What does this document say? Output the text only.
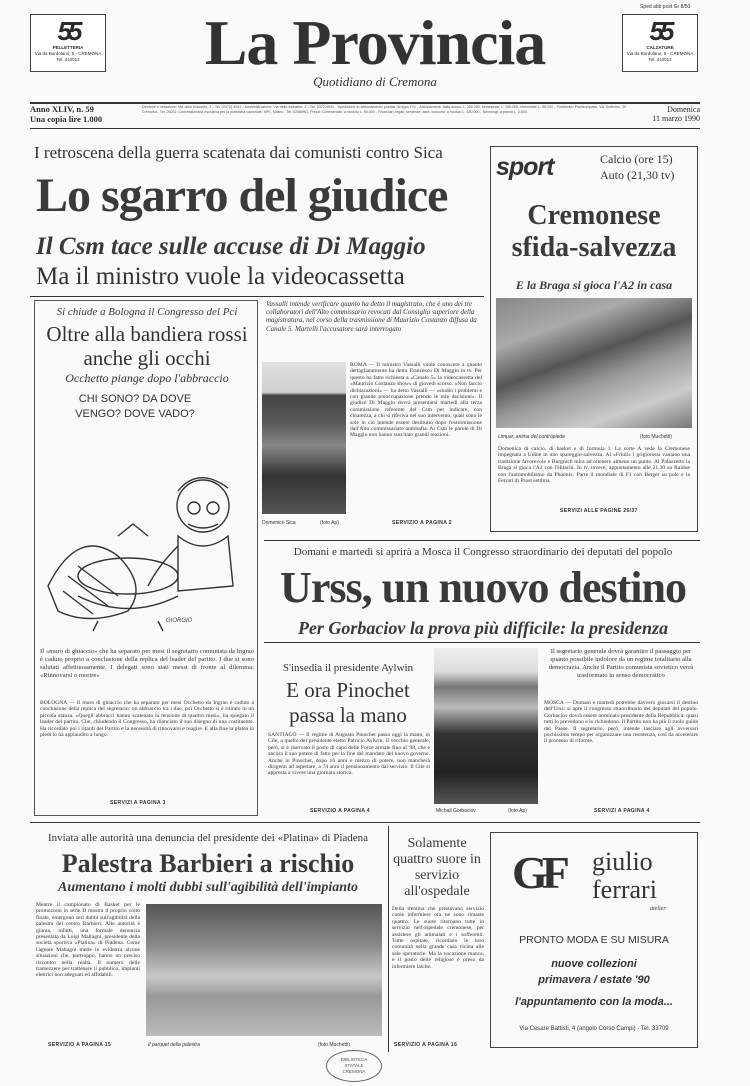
Sped abb post Gr 8/50
55
PELLETTERIA
Via da Bordolano, 5 - CREMONA
Tel. 410012	La Provincia
Quotidiano di Cremona
55
CALZATURE
Via da Bordolano, 5 - CREMONA
Tel. 410012
Anno XLIV, n. 59
Una copia lire 1.000
Direttore e redazione: Via delle Industrie, 2 - Tel. (0372) 4041 - Amministrazione: Via delle Industrie, 2 - Tel. 0372-4041 - Spedizione in abbonamento postale Gruppo I/70 - Abbonamenti: Italia annuo L. 300.000, semestrale L. 160.000, trimestrale L. 85.000 - Pubblicità: Publikompass, Via Solferino, 30 Cremona - Tel. 26031. Concessionaria esclusiva per la pubblicità nazionale: SPE, Milano - Tel. 02/66981. Prezzi: Commerciali: a modulo L. 90.000 - Finanziari, legali, sentenze, aste, concorsi: a modulo L. 180.000 - Necrologi: a parola L. 3.500.	Domenica
11 marzo 1990
I retroscena della guerra scatenata dai comunisti contro Sica
Lo sgarro del giudice
Il Csm tace sulle accuse di Di Maggio
Ma il ministro vuole la videocassetta
Vassalli intende verificare quanto ha detto il magistrato, che è uno dei tre collaboratori dell'Alto commissario revocati dal Consiglio superiore della magistratura, nel corso della trasmissione di Maurizio Costanzo diffusa da Canale 5. Martelli l'accusatore sarà interrogato
Domenico Sica	(foto Ap)
ROMA — Il ministro Vassalli vuole conoscere a quanto dettagliatamente ha detto Francesco Di Maggio in tv. Per questo ha fatto richiesta a «Canale 5» la videocassetta del «Maurizio Costanzo show» di giovedì scorso. «Non faccio dichiarazioni» — ha detto Vassalli — «studio i problemi e con grande preoccupazione prendo le mie decisioni». Il giudice Di Maggio dovrà presentarsi martedì alla terza commissione referente del Csm per indicare, con chiarezza, a chi si riferiva nel suo intervento, quali sono le sole in cui intende essere destituito dopo l'estromissione dall'Alto commissariato antimafia. Al Csm le parole di Di Maggio non hanno suscitato grandi reazioni.
SERVIZIO A PAGINA 2
Si chiude a Bologna il Congresso del Pci
Oltre alla bandiera rossi anche gli occhi
Occhetto piange dopo l'abbraccio
CHI SONO? DA DOVE VENGO? DOVE VADO?
GIORGIO
Il «muro di ghiaccio» che ha separato per mesi il segretario comunista da Ingrao è caduto proprio a conclusione della replica del leader del partito. I due si sono salutati affettuosamente. I delegati sono stati messi di fronte al dilemma: «Rinnovarsi o morire»
BOLOGNA — Il muro di ghiaccio che ha separato per mesi Occhetto da Ingrao è caduto a conclusione della replica del segretario: un abbraccio tra i due, poi Occhetto si è ritirato in un piccola stanza. «Quegli abbracci hanno scatenato la tensione di quattro mesi», ha spiegato il leader del partito. Che, chiudendo il Congresso, ha rilanciato il suo disegno di una costituente. Ha ricordato poi i ritardi del Partito e la necessità di rinnovarsi e reagire. E alla fine la platea in piedi lo ha applaudito a lungo.
SERVIZI A PAGINA 3
sport	Calcio (ore 15)
Auto (21,30 tv)
Cremonese sfida-salvezza
E la Braga si gioca l'A2 in casa
Limpar, anima del contropiede	(foto Muchetti)
Domenica di calcio, di basket e di formula 1. La sorte A vede la Cremonese impegnata a Udine in uno spareggio-salvezza. Al «Friuli» i grigiorossi vantano una tradizione favorevole e Burgnich mira ad ottenere almeno un punto. Al Palazzetto la Braga si gioca l'A2 con l'Hitachi. In tv, invece, appuntamento alle 21,30 su Raidue con l'automobilismo da Phoenix. Parte il mondiale di F1 con Berger su pole e la Ferrari di Prost settima.
SERVIZI ALLE PAGINE 26/37
Domani e martedì si aprirà a Mosca il Congresso straordinario dei deputati del popolo
Urss, un nuovo destino
Per Gorbaciov la prova più difficile: la presidenza
Michail Gorbaciov	(foto Ap)
Il segretario generale dovrà garantire il passaggio per quanto possibile indolore da un regime totalitario alla democrazia. Anche il Partito comunista sovietico verrà trasformato in senso democratico
MOSCA — Domani e martedì potrebbe davvero giocarsi il destino dell'Urss: si apre il congresso straordinario dei deputati del popolo. Gorbaciov dovrà essere nominato presidente della Repubblica: quasi tutti lo prevedono e lo richiedono. Il Partito non ha più il ruolo guida del Paese. Il segretario, però, intende lasciare agli avversari pochissimo tempo per organizzare una resistenza, così da accelerare il processo di riforme.
SERVIZI A PAGINA 4
S'insedia il presidente Aylwin
E ora Pinochet passa la mano
SANTIAGO — Il regime di Augusto Pinochet passa oggi la mano, in Cile, a quello del presidente eletto Patricio Aylwin. Il vecchio generale, però, si è riservato il posto di capo delle Forze armate fino al '98, che e ancora il suo potere di fatto per la fine del mandato del nuovo governo. Anche in Pinochet, dopo 16 anni e mezzo di potere, non mancherà dirigenti ad aspettare, a 74 anni il pensionamento dal servizio. Il Cile si appresta a vivere una giornata storica.
SERVIZIO A PAGINA 4
Inviata alle autorità una denuncia del presidente dei «Platina» di Piadena
Palestra Barbieri a rischio
Aumentano i molti dubbi sull'agibilità dell'impianto
Mentre il campionato di Basket per le promozioni in serie D mostra il proprio volto finale, emergono seri dubbi sull'agibilità della palestra del centro Barbieri. Alle autorità è giunta, infatti, una formale denuncia presentata da Luigi Maltagni, presidente della società sportiva «Platina» di Piadena. Come l'agente Maltagni mette in evidenza alcune situazioni che, purtroppo, hanno un preciso riscontro nella realtà. Il numero delle tramezzere per trattenere il pubblico, impianti elettrici non adeguati ed affidabili.
Il parquet della palestra	(foto Muchetti)
SERVIZIO A PAGINA 15
Solamente quattro suore in servizio all'ospedale
Della trentina che prestavano servizio come infermiere ora ne sono rimaste quattro. Le suore ritornano tutte in servizio nell'ospedale cremonese, per assistere gli ammalati e i sofferenti. Tutte ospitate, ricordano le loro comunità nella grande casa vicina alle sale operatorie. Ma la vocazione manca, e il posto delle religiose è preso da infermiere laiche.
SERVIZIO A PAGINA 16
GF giulio
ferrari
atelier
PRONTO MODA E SU MISURA
nuove collezioni
primavera / estate '90
l'appuntamento con la moda...
Via Cesare Battisti, 4 (angolo Corso Campi) - Tel. 33709
BIBLIOTECA
STATALE
CREMONA
